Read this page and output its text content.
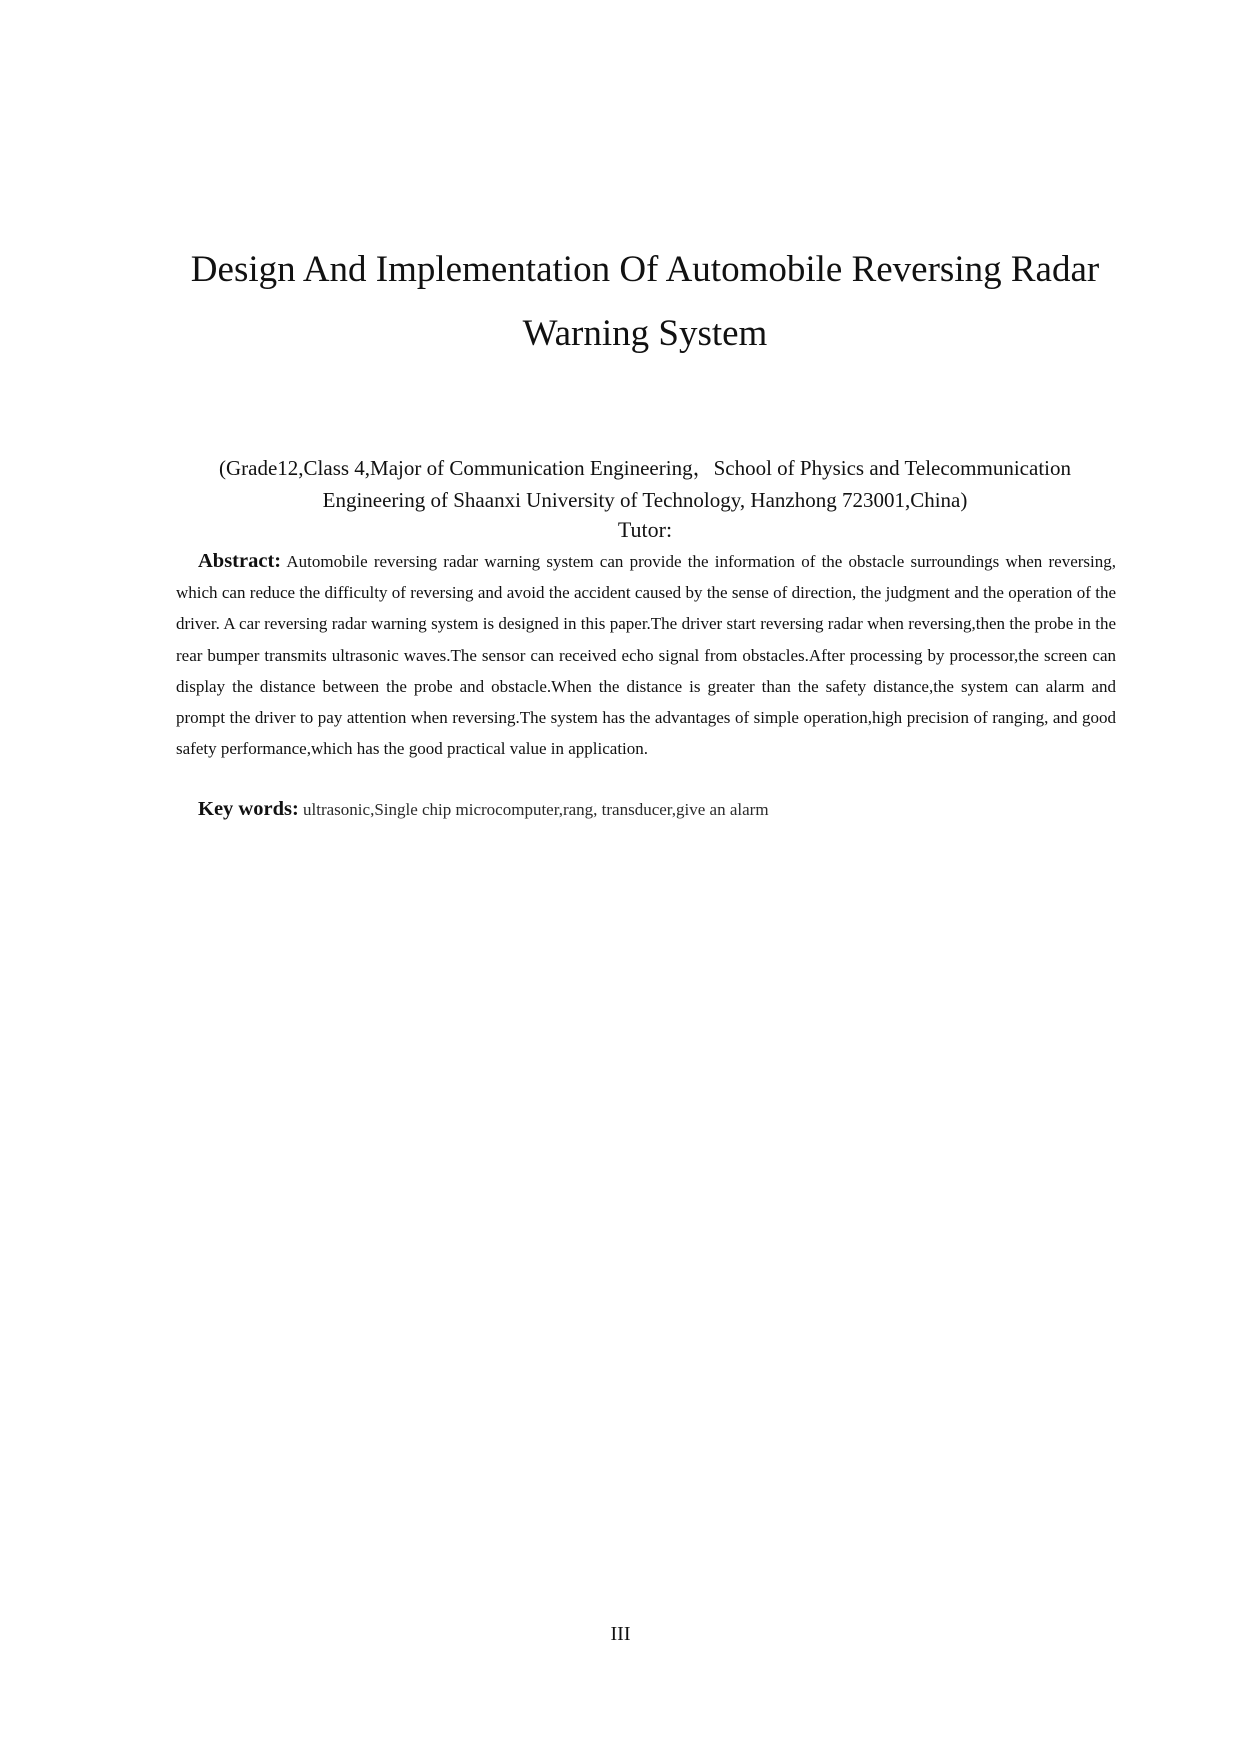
Design And Implementation Of Automobile Reversing Radar
Warning System
(Grade12,Class 4,Major of Communication Engineering，School of Physics and Telecommunication
Engineering of Shaanxi University of Technology, Hanzhong 723001,China)
Tutor:
Abstract: Automobile reversing radar warning system can provide the information of the obstacle surroundings when reversing, which can reduce the difficulty of reversing and avoid the accident caused by the sense of direction, the judgment and the operation of the driver. A car reversing radar warning system is designed in this paper.The driver start reversing radar when reversing,then the probe in the rear bumper transmits ultrasonic waves.The sensor can received echo signal from obstacles.After processing by processor,the screen can display the distance between the probe and obstacle.When the distance is greater than the safety distance,the system can alarm and prompt the driver to pay attention when reversing.The system has the advantages of simple operation,high precision of ranging, and good safety performance,which has the good practical value in application.
Key words: ultrasonic,Single chip microcomputer,rang, transducer,give an alarm
III
